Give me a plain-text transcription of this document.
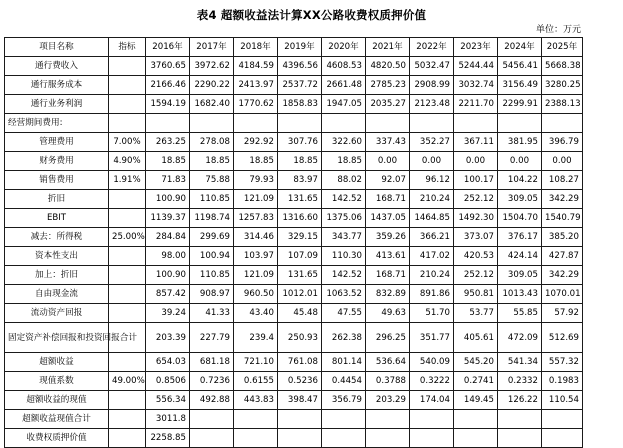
表4 超额收益法计算XX公路收费权质押价值
单位：万元
项目名称	指标	2016年	2017年	2018年	2019年	2020年	2021年	2022年	2023年	2024年	2025年
通行费收入		3760.65	3972.62	4184.59	4396.56	4608.53	4820.50	5032.47	5244.44	5456.41	5668.38
通行服务成本		2166.46	2290.22	2413.97	2537.72	2661.48	2785.23	2908.99	3032.74	3156.49	3280.25
通行业务利润		1594.19	1682.40	1770.62	1858.83	1947.05	2035.27	2123.48	2211.70	2299.91	2388.13
经营期间费用:											
管理费用	7.00%	263.25	278.08	292.92	307.76	322.60	337.43	352.27	367.11	381.95	396.79
财务费用	4.90%	18.85	18.85	18.85	18.85	18.85	0.00	0.00	0.00	0.00	0.00
销售费用	1.91%	71.83	75.88	79.93	83.97	88.02	92.07	96.12	100.17	104.22	108.27
折旧		100.90	110.85	121.09	131.65	142.52	168.71	210.24	252.12	309.05	342.29
EBIT		1139.37	1198.74	1257.83	1316.60	1375.06	1437.05	1464.85	1492.30	1504.70	1540.79
减去：所得税	25.00%	284.84	299.69	314.46	329.15	343.77	359.26	366.21	373.07	376.17	385.20
资本性支出		98.00	100.94	103.97	107.09	110.30	413.61	417.02	420.53	424.14	427.87
加上：折旧		100.90	110.85	121.09	131.65	142.52	168.71	210.24	252.12	309.05	342.29
自由现金流		857.42	908.97	960.50	1012.01	1063.52	832.89	891.86	950.81	1013.43	1070.01
流动资产回报		39.24	41.33	43.40	45.48	47.55	49.63	51.70	53.77	55.85	57.92
固定资产补偿回报和投资回报合计		203.39	227.79	239.4	250.93	262.38	296.25	351.77	405.61	472.09	512.69
超额收益		654.03	681.18	721.10	761.08	801.14	536.64	540.09	545.20	541.34	557.32
现值系数	49.00%	0.8506	0.7236	0.6155	0.5236	0.4454	0.3788	0.3222	0.2741	0.2332	0.1983
超额收益的现值		556.34	492.88	443.83	398.47	356.79	203.29	174.04	149.45	126.22	110.54
超额收益现值合计		3011.8									
收费权质押价值		2258.85									
